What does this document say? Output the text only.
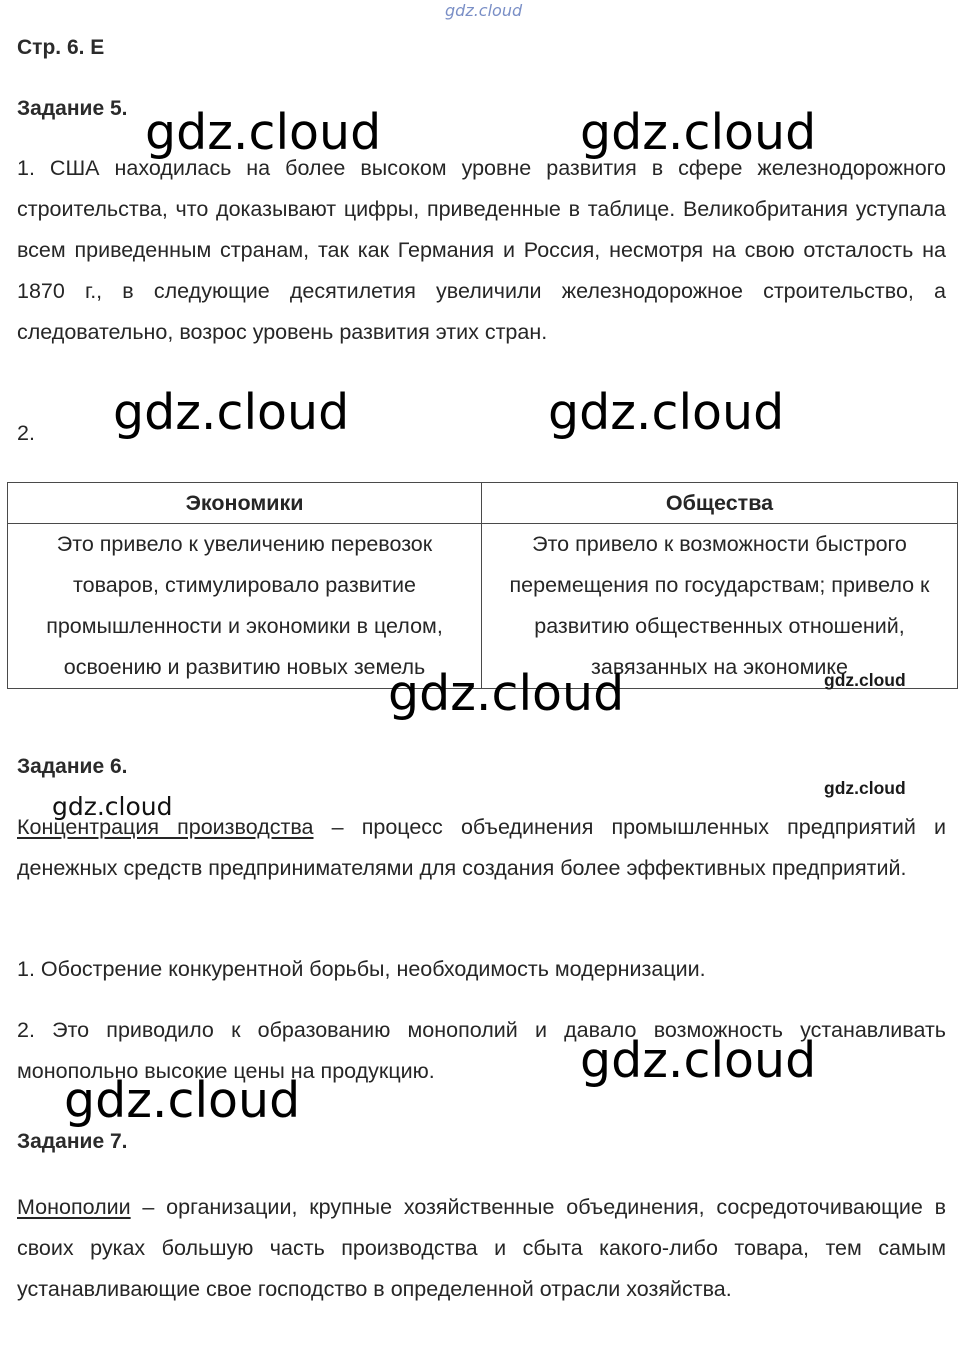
gdz.cloud
Стр. 6. Е
Задание 5.
1. США находилась на более высоком уровне развития в сфере железнодорожного строительства, что доказывают цифры, приведенные в таблице. Великобритания уступала всем приведенным странам, так как Германия и Россия, несмотря на свою отсталость на 1870 г., в следующие десятилетия увеличили железнодорожное строительство, а следовательно, возрос уровень развития этих стран.
2.
Экономики	Общества
Это привело к увеличению перевозок товаров, стимулировало развитие промышленности и экономики в целом, освоению и развитию новых земель	Это привело к возможности быстрого перемещения по государствам; привело к развитию общественных отношений, завязанных на экономике
Задание 6.
Концентрация производства – процесс объединения промышленных предприятий и денежных средств предпринимателями для создания более эффективных предприятий.
1. Обострение конкурентной борьбы, необходимость модернизации.
2. Это приводило к образованию монополий и давало возможность устанавливать монопольно высокие цены на продукцию.
Задание 7.
Монополии – организации, крупные хозяйственные объединения, сосредоточивающие в своих руках большую часть производства и сбыта какого-либо товара, тем самым устанавливающие свое господство в определенной отрасли хозяйства.
gdz.cloud	gdz.cloud
gdz.cloud	gdz.cloud
gdz.cloud	gdz.cloud
gdz.cloud
gdz.cloud
gdz.cloud
gdz.cloud
